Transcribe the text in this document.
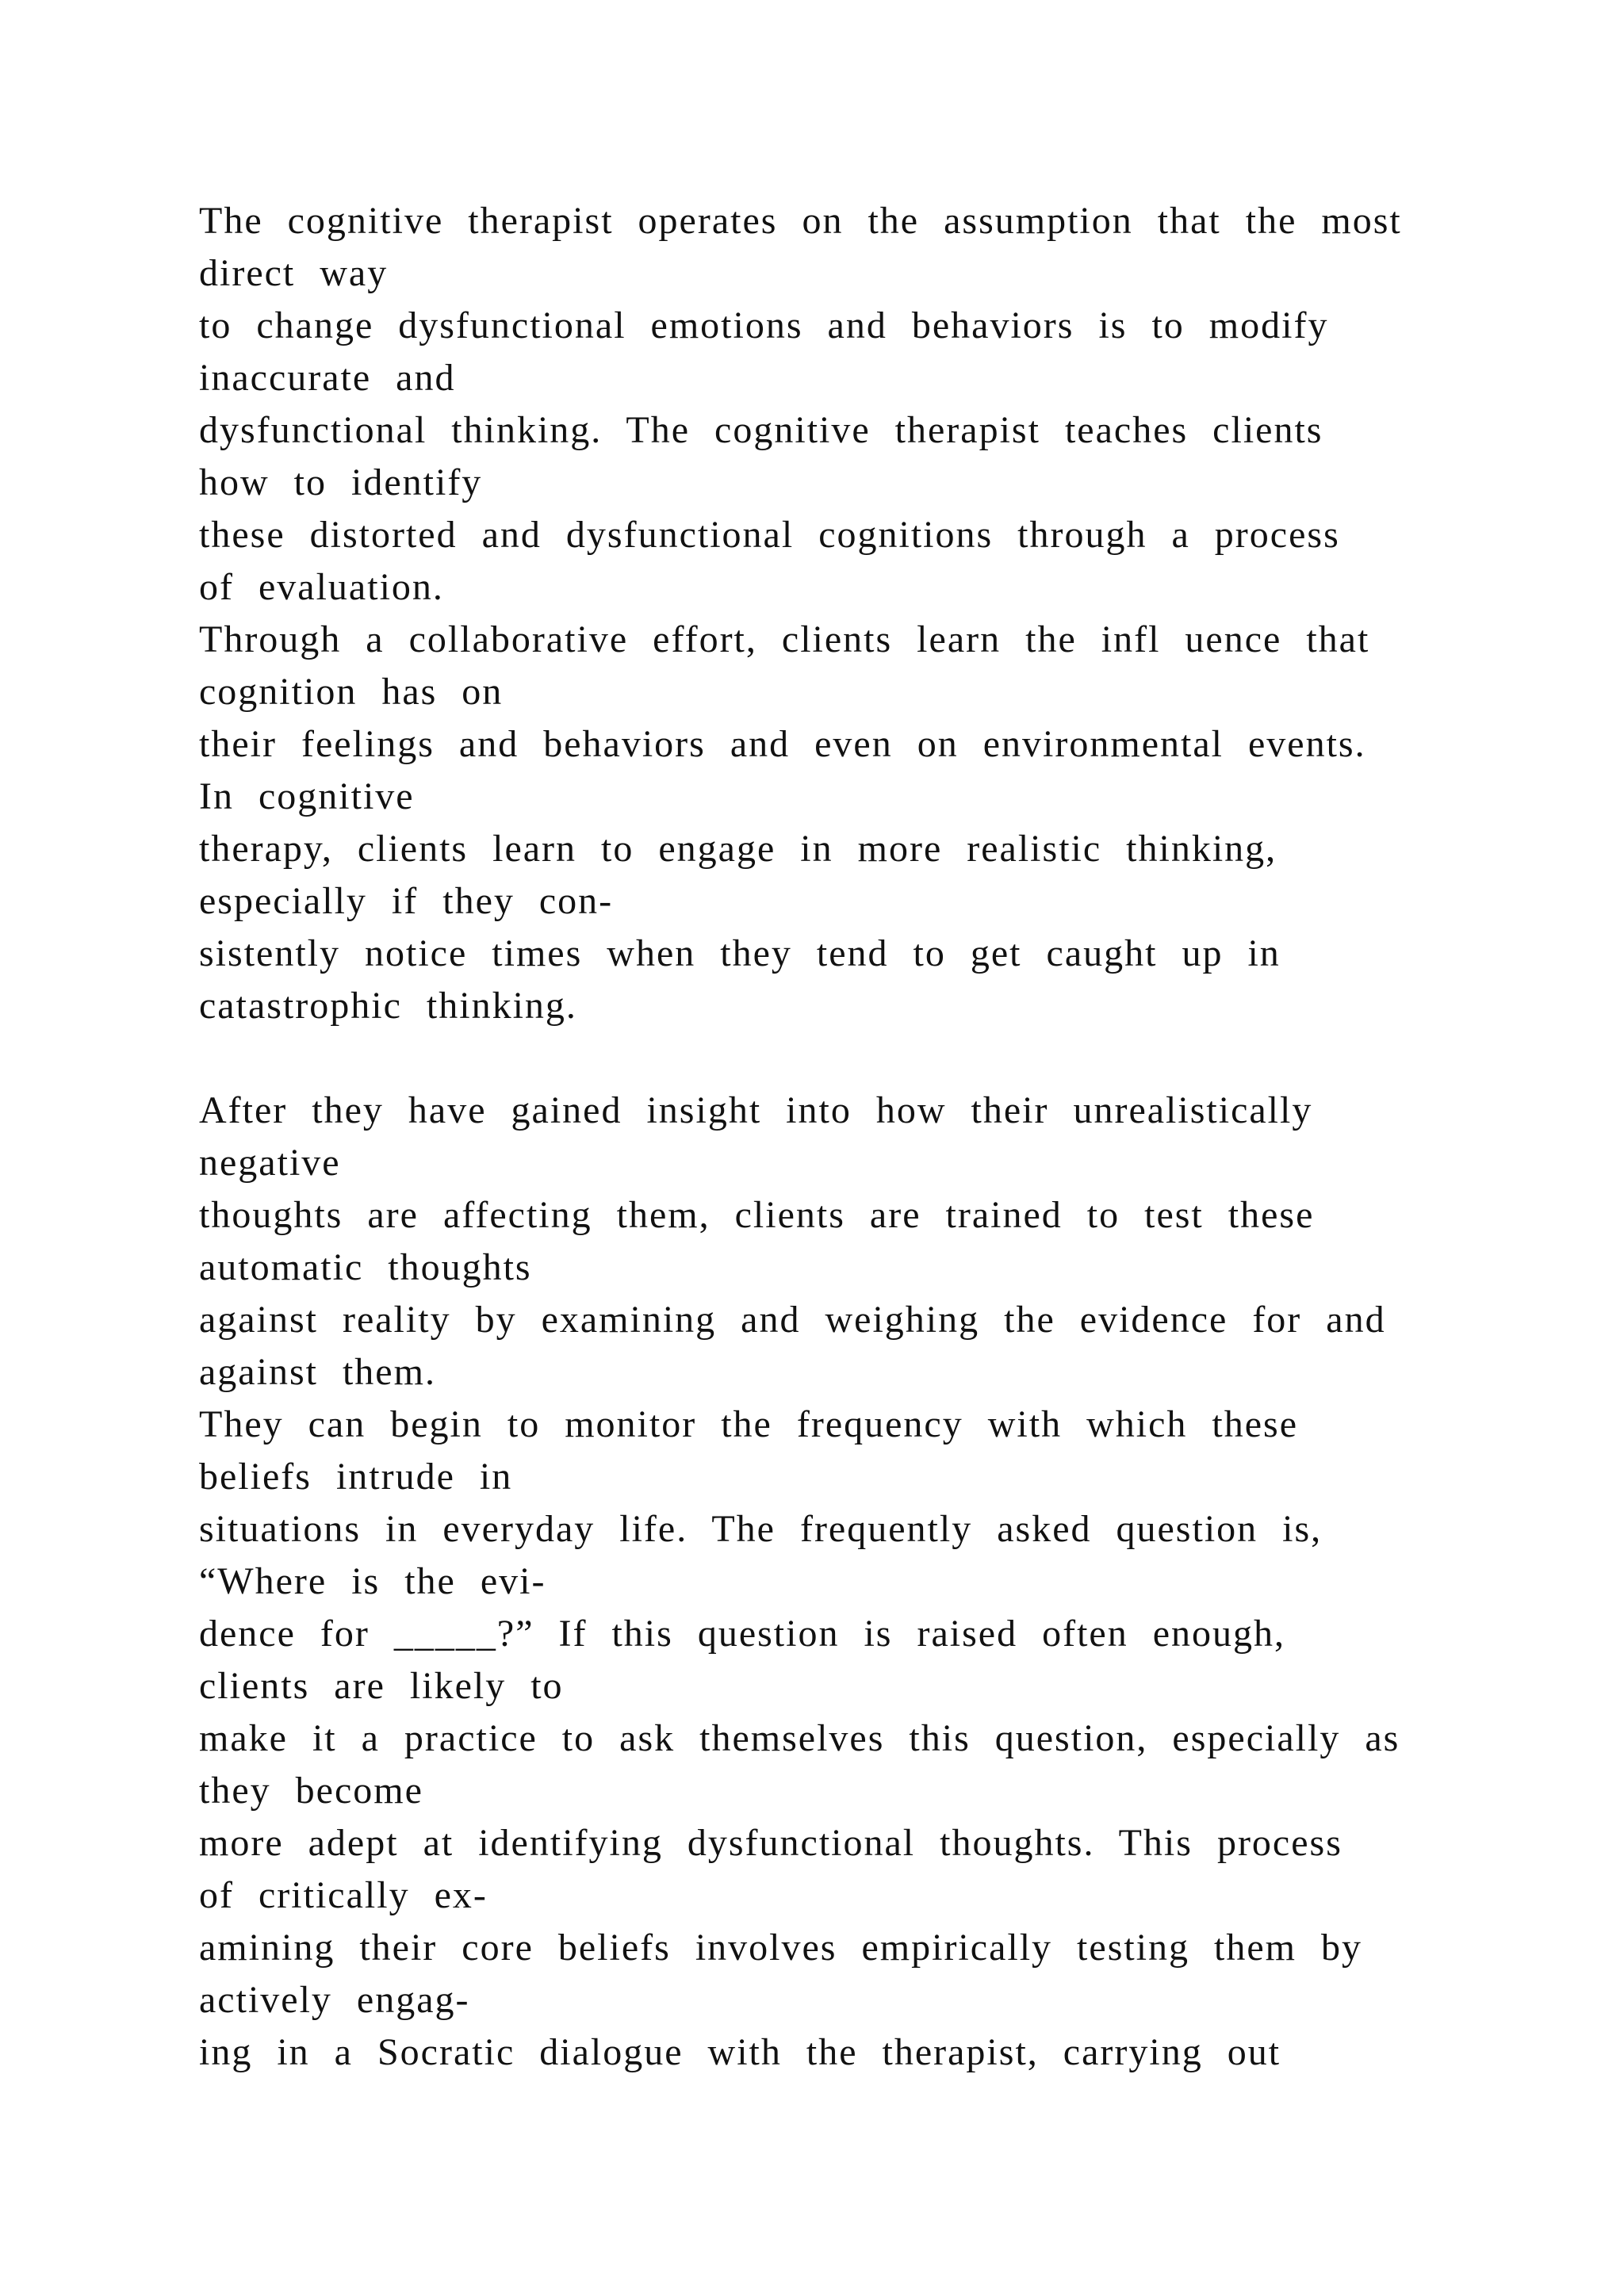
The cognitive therapist operates on the assumption that the most
direct way
to change dysfunctional emotions and behaviors is to modify
inaccurate and
dysfunctional thinking. The cognitive therapist teaches clients
how to identify
these distorted and dysfunctional cognitions through a process
of evaluation.
Through a collaborative effort, clients learn the infl uence that
cognition has on
their feelings and behaviors and even on environmental events.
In cognitive
therapy, clients learn to engage in more realistic thinking,
especially if they con-
sistently notice times when they tend to get caught up in
catastrophic thinking.
After they have gained insight into how their unrealistically
negative
thoughts are affecting them, clients are trained to test these
automatic thoughts
against reality by examining and weighing the evidence for and
against them.
They can begin to monitor the frequency with which these
beliefs intrude in
situations in everyday life. The frequently asked question is,
“Where is the evi-
dence for _____?” If this question is raised often enough,
clients are likely to
make it a practice to ask themselves this question, especially as
they become
more adept at identifying dysfunctional thoughts. This process
of critically ex-
amining their core beliefs involves empirically testing them by
actively engag-
ing in a Socratic dialogue with the therapist, carrying out
